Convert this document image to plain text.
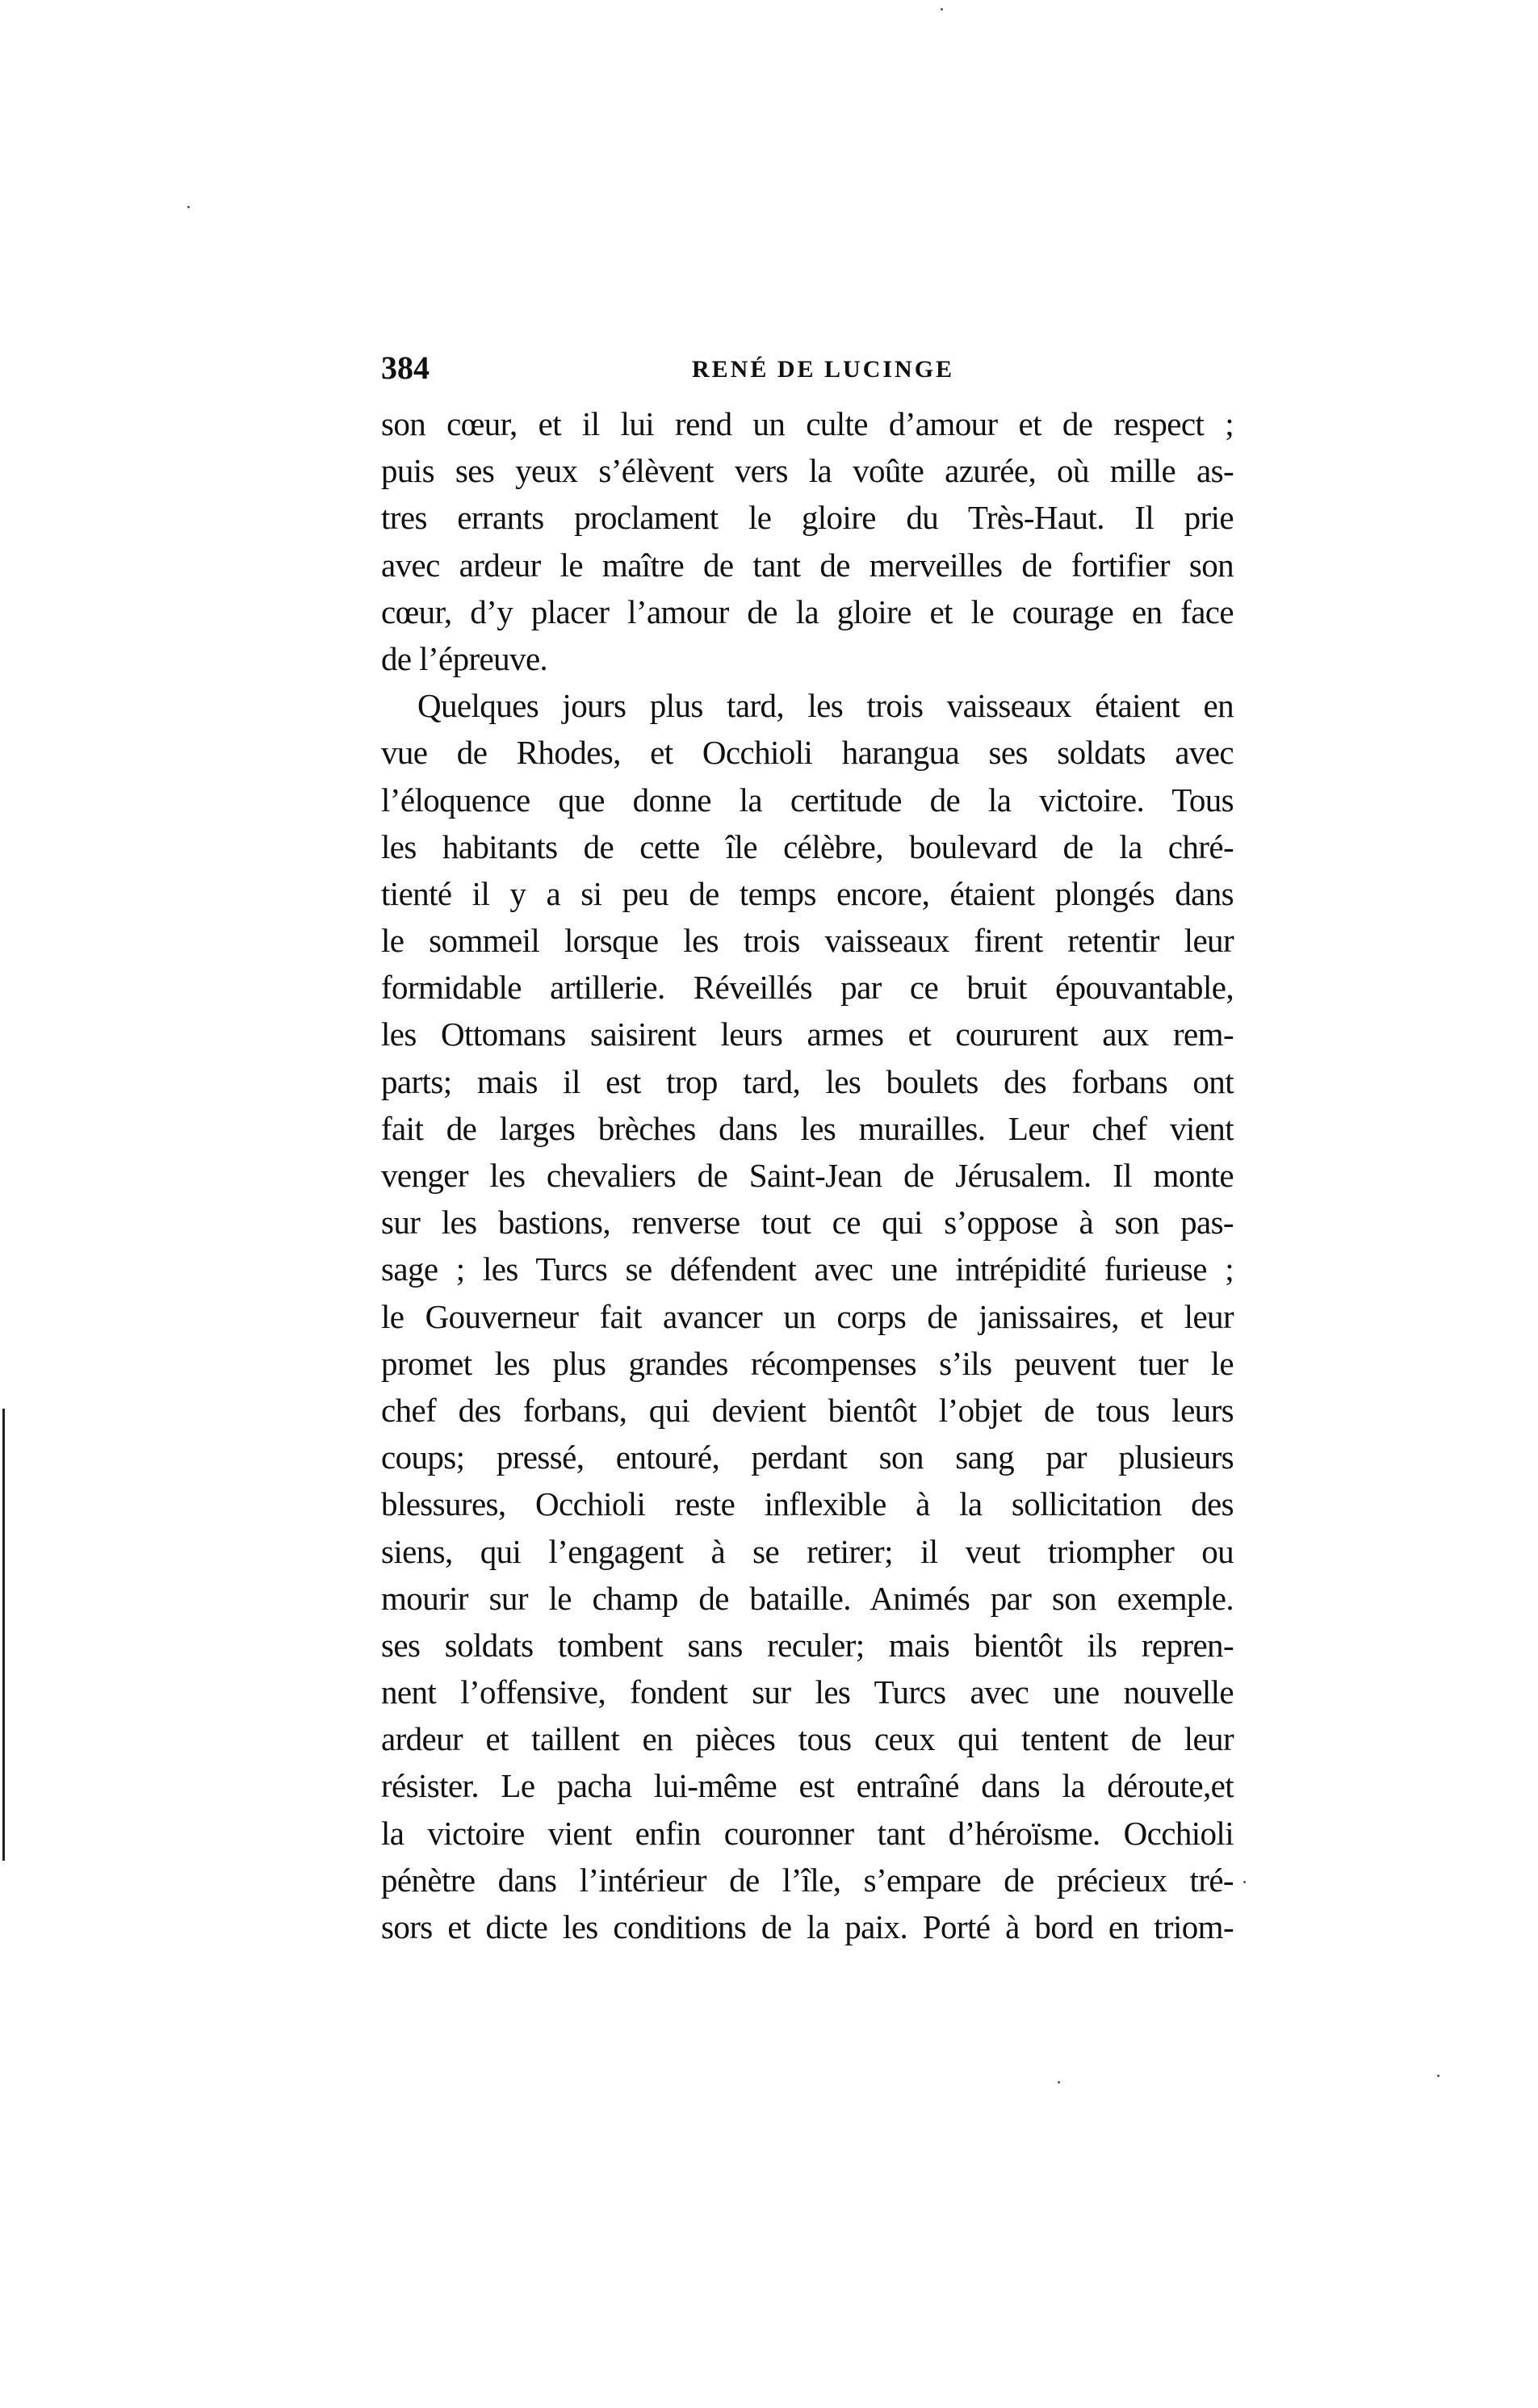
384	RENÉ DE LUCINGE
son cœur, et il lui rend un culte d’amour et de respect ;
puis ses yeux s’élèvent vers la voûte azurée, où mille as-
tres errants proclament le gloire du Très-Haut. Il prie
avec ardeur le maître de tant de merveilles de fortifier son
cœur, d’y placer l’amour de la gloire et le courage en face
de l’épreuve.
Quelques jours plus tard, les trois vaisseaux étaient en
vue de Rhodes, et Occhioli harangua ses soldats avec
l’éloquence que donne la certitude de la victoire. Tous
les habitants de cette île célèbre, boulevard de la chré-
tienté il y a si peu de temps encore, étaient plongés dans
le sommeil lorsque les trois vaisseaux firent retentir leur
formidable artillerie. Réveillés par ce bruit épouvantable,
les Ottomans saisirent leurs armes et coururent aux rem-
parts; mais il est trop tard, les boulets des forbans ont
fait de larges brèches dans les murailles. Leur chef vient
venger les chevaliers de Saint-Jean de Jérusalem. Il monte
sur les bastions, renverse tout ce qui s’oppose à son pas-
sage ; les Turcs se défendent avec une intrépidité furieuse ;
le Gouverneur fait avancer un corps de janissaires, et leur
promet les plus grandes récompenses s’ils peuvent tuer le
chef des forbans, qui devient bientôt l’objet de tous leurs
coups; pressé, entouré, perdant son sang par plusieurs
blessures, Occhioli reste inflexible à la sollicitation des
siens, qui l’engagent à se retirer; il veut triompher ou
mourir sur le champ de bataille. Animés par son exemple.
ses soldats tombent sans reculer; mais bientôt ils repren-
nent l’offensive, fondent sur les Turcs avec une nouvelle
ardeur et taillent en pièces tous ceux qui tentent de leur
résister. Le pacha lui-même est entraîné dans la déroute,et
la victoire vient enfin couronner tant d’héroïsme. Occhioli
pénètre dans l’intérieur de l’île, s’empare de précieux tré-
sors et dicte les conditions de la paix. Porté à bord en triom-
